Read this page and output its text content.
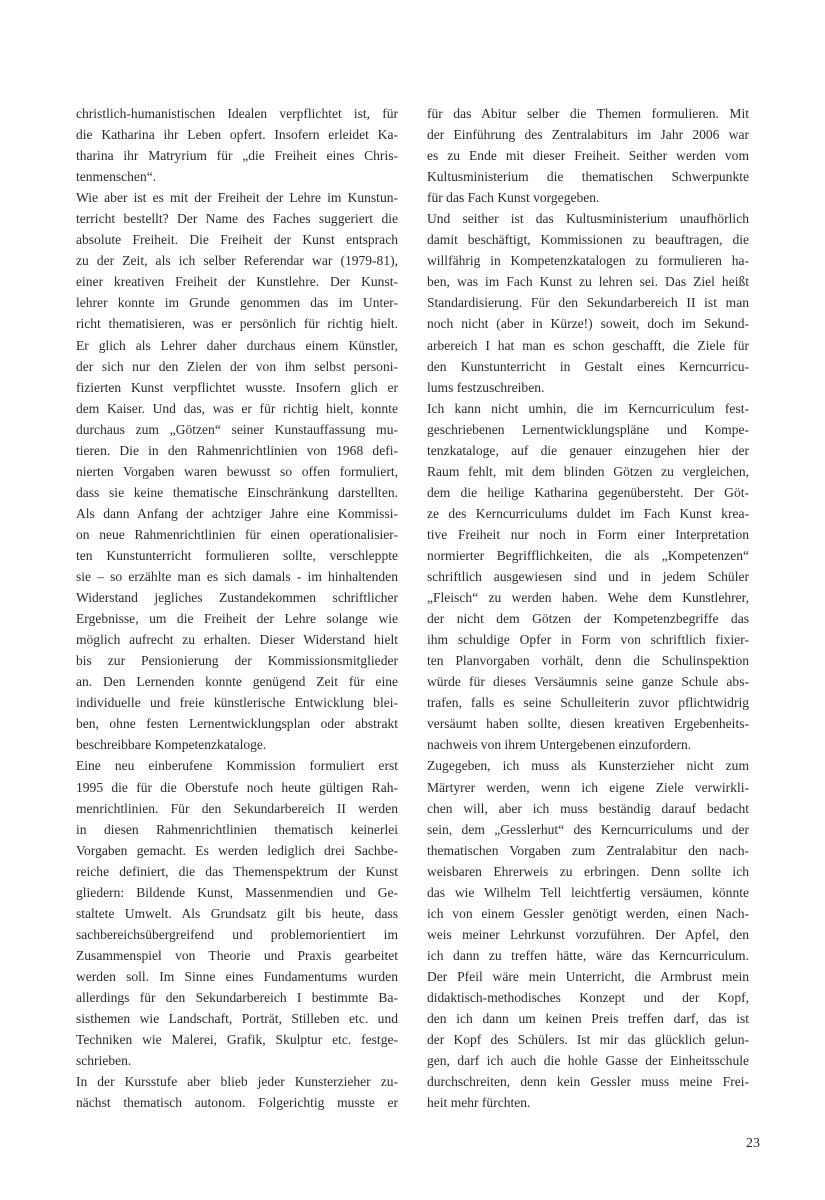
christlich-humanistischen Idealen verpflichtet ist, für
die Katharina ihr Leben opfert. Insofern erleidet Ka-
tharina ihr Matryrium für „die Freiheit eines Chris-
tenmenschen“.
Wie aber ist es mit der Freiheit der Lehre im Kunstun-
terricht bestellt? Der Name des Faches suggeriert die
absolute Freiheit. Die Freiheit der Kunst entsprach
zu der Zeit, als ich selber Referendar war (1979-81),
einer kreativen Freiheit der Kunstlehre. Der Kunst-
lehrer konnte im Grunde genommen das im Unter-
richt thematisieren, was er persönlich für richtig hielt.
Er glich als Lehrer daher durchaus einem Künstler,
der sich nur den Zielen der von ihm selbst personi-
fizierten Kunst verpflichtet wusste. Insofern glich er
dem Kaiser. Und das, was er für richtig hielt, konnte
durchaus zum „Götzen“ seiner Kunstauffassung mu-
tieren. Die in den Rahmenrichtlinien von 1968 defi-
nierten Vorgaben waren bewusst so offen formuliert,
dass sie keine thematische Einschränkung darstellten.
Als dann Anfang der achtziger Jahre eine Kommissi-
on neue Rahmenrichtlinien für einen operationalisier-
ten Kunstunterricht formulieren sollte, verschleppte
sie – so erzählte man es sich damals - im hinhaltenden
Widerstand jegliches Zustandekommen schriftlicher
Ergebnisse, um die Freiheit der Lehre solange wie
möglich aufrecht zu erhalten. Dieser Widerstand hielt
bis zur Pensionierung der Kommissionsmitglieder
an. Den Lernenden konnte genügend Zeit für eine
individuelle und freie künstlerische Entwicklung blei-
ben, ohne festen Lernentwicklungsplan oder abstrakt
beschreibbare Kompetenzkataloge.
Eine neu einberufene Kommission formuliert erst
1995 die für die Oberstufe noch heute gültigen Rah-
menrichtlinien. Für den Sekundarbereich II werden
in diesen Rahmenrichtlinien thematisch keinerlei
Vorgaben gemacht. Es werden lediglich drei Sachbe-
reiche definiert, die das Themenspektrum der Kunst
gliedern: Bildende Kunst, Massenmendien und Ge-
staltete Umwelt. Als Grundsatz gilt bis heute, dass
sachbereichsübergreifend und problemorientiert im
Zusammenspiel von Theorie und Praxis gearbeitet
werden soll. Im Sinne eines Fundamentums wurden
allerdings für den Sekundarbereich I bestimmte Ba-
sisthemen wie Landschaft, Porträt, Stilleben etc. und
Techniken wie Malerei, Grafik, Skulptur etc. festge-
schrieben.
In der Kursstufe aber blieb jeder Kunsterzieher zu-
nächst thematisch autonom. Folgerichtig musste er
für das Abitur selber die Themen formulieren. Mit
der Einführung des Zentralabiturs im Jahr 2006 war
es zu Ende mit dieser Freiheit. Seither werden vom
Kultusministerium die thematischen Schwerpunkte
für das Fach Kunst vorgegeben.
Und seither ist das Kultusministerium unaufhörlich
damit beschäftigt, Kommissionen zu beauftragen, die
willfährig in Kompetenzkatalogen zu formulieren ha-
ben, was im Fach Kunst zu lehren sei. Das Ziel heißt
Standardisierung. Für den Sekundarbereich II ist man
noch nicht (aber in Kürze!) soweit, doch im Sekund-
arbereich I hat man es schon geschafft, die Ziele für
den Kunstunterricht in Gestalt eines Kerncurricu-
lums festzuschreiben.
Ich kann nicht umhin, die im Kerncurriculum fest-
geschriebenen Lernentwicklungspläne und Kompe-
tenzkataloge, auf die genauer einzugehen hier der
Raum fehlt, mit dem blinden Götzen zu vergleichen,
dem die heilige Katharina gegenübersteht. Der Göt-
ze des Kerncurriculums duldet im Fach Kunst krea-
tive Freiheit nur noch in Form einer Interpretation
normierter Begrifflichkeiten, die als „Kompetenzen“
schriftlich ausgewiesen sind und in jedem Schüler
„Fleisch“ zu werden haben. Wehe dem Kunstlehrer,
der nicht dem Götzen der Kompetenzbegriffe das
ihm schuldige Opfer in Form von schriftlich fixier-
ten Planvorgaben vorhält, denn die Schulinspektion
würde für dieses Versäumnis seine ganze Schule abs-
trafen, falls es seine Schulleiterin zuvor pflichtwidrig
versäumt haben sollte, diesen kreativen Ergebenheits-
nachweis von ihrem Untergebenen einzufordern.
Zugegeben, ich muss als Kunsterzieher nicht zum
Märtyrer werden, wenn ich eigene Ziele verwirkli-
chen will, aber ich muss beständig darauf bedacht
sein, dem „Gesslerhut“ des Kerncurriculums und der
thematischen Vorgaben zum Zentralabitur den nach-
weisbaren Ehrerweis zu erbringen. Denn sollte ich
das wie Wilhelm Tell leichtfertig versäumen, könnte
ich von einem Gessler genötigt werden, einen Nach-
weis meiner Lehrkunst vorzuführen. Der Apfel, den
ich dann zu treffen hätte, wäre das Kerncurriculum.
Der Pfeil wäre mein Unterricht, die Armbrust mein
didaktisch-methodisches Konzept und der Kopf,
den ich dann um keinen Preis treffen darf, das ist
der Kopf des Schülers. Ist mir das glücklich gelun-
gen, darf ich auch die hohle Gasse der Einheitsschule
durchschreiten, denn kein Gessler muss meine Frei-
heit mehr fürchten.
23
